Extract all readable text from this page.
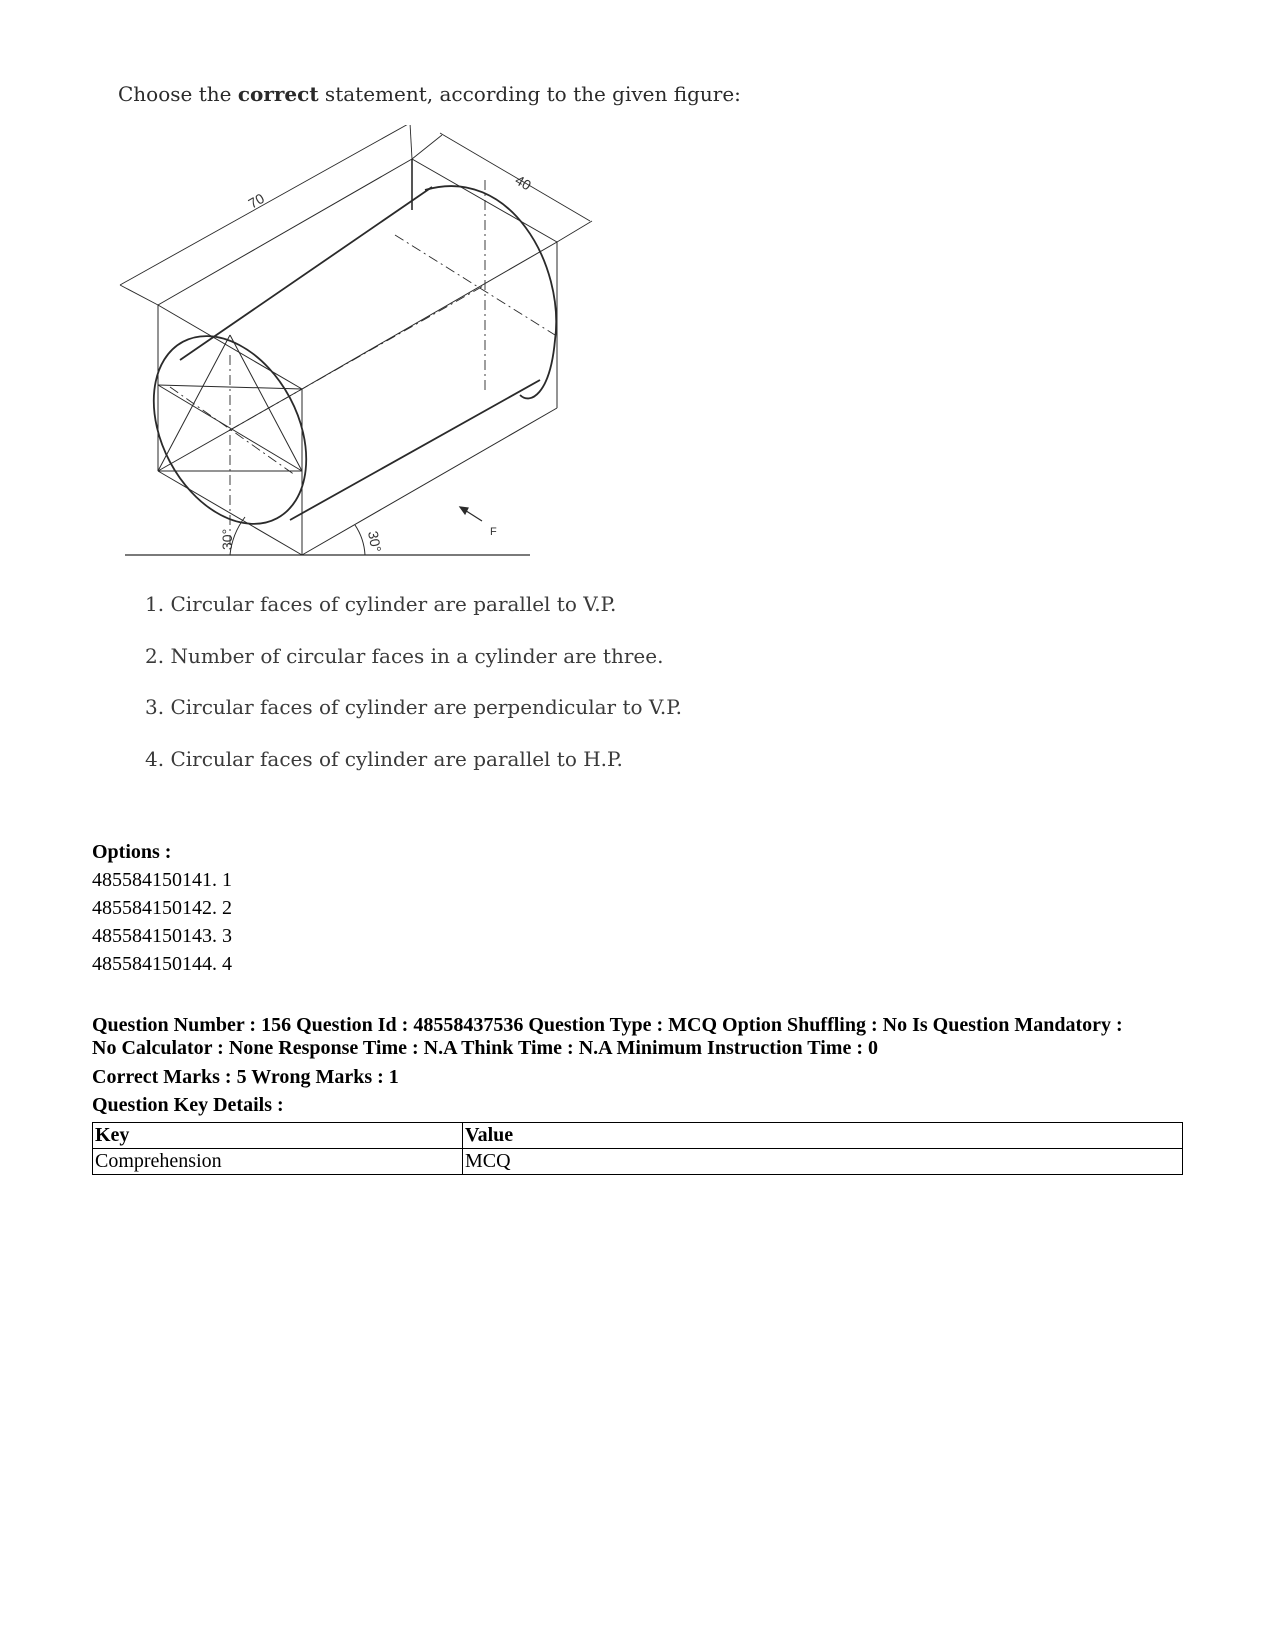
Choose the correct statement, according to the given figure:
70
40
30°	30°	F
1. Circular faces of cylinder are parallel to V.P.
2. Number of circular faces in a cylinder are three.
3. Circular faces of cylinder are perpendicular to V.P.
4. Circular faces of cylinder are parallel to H.P.
Options :
485584150141. 1
485584150142. 2
485584150143. 3
485584150144. 4
Question Number : 156 Question Id : 48558437536 Question Type : MCQ Option Shuffling : No Is Question Mandatory :
No Calculator : None Response Time : N.A Think Time : N.A Minimum Instruction Time : 0
Correct Marks : 5 Wrong Marks : 1
Question Key Details :
Key	Value
Comprehension	MCQ
